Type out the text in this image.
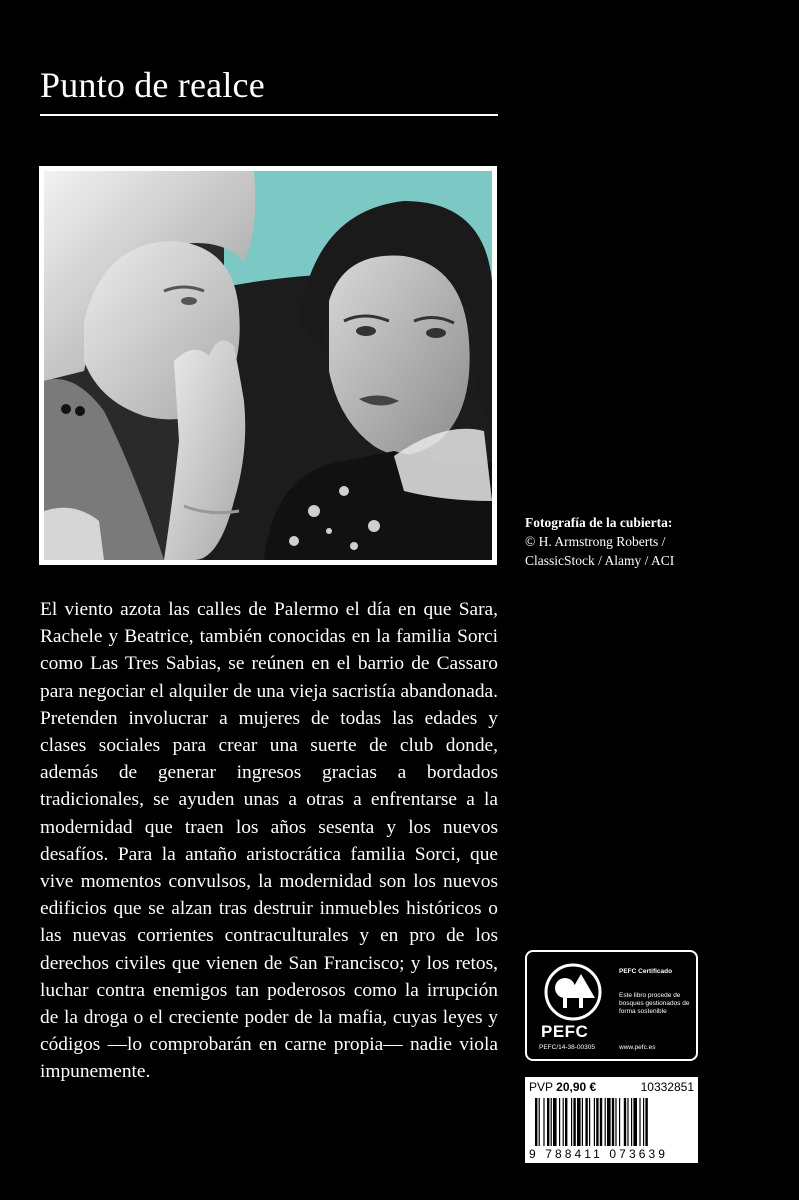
Punto de realce
Fotografía de la cubierta:
© H. Armstrong Roberts /
ClassicStock / Alamy / ACI

El viento azota las calles de Palermo el día en que Sara, Rachele y Beatrice, también conocidas en la familia Sorci como Las Tres Sabias, se reúnen en el barrio de Cassaro para negociar el alquiler de una vieja sacristía abandonada. Pretenden involucrar a mujeres de todas las edades y clases sociales para crear una suerte de club donde, además de generar ingresos gracias a bordados tradicionales, se ayuden unas a otras a enfrentarse a la modernidad que traen los años sesenta y los nuevos desafíos. Para la antaño aristocrática familia Sorci, que vive momentos convulsos, la modernidad son los nuevos edificios que se alzan tras destruir inmuebles históricos o las nuevas corrientes contraculturales y en pro de los derechos civiles que vienen de San Francisco; y los retos, luchar contra enemigos tan poderosos como la irrupción de la droga o el creciente poder de la mafia, cuyas leyes y códigos —lo comprobarán en carne propia— nadie viola impunemente.

PEFC
PEFC/14-38-00305
PEFC Certificado
Este libro procede de bosques gestionados de forma sostenible
www.pefc.es
PVP 20,90 €	10332851
9 788411 073639
